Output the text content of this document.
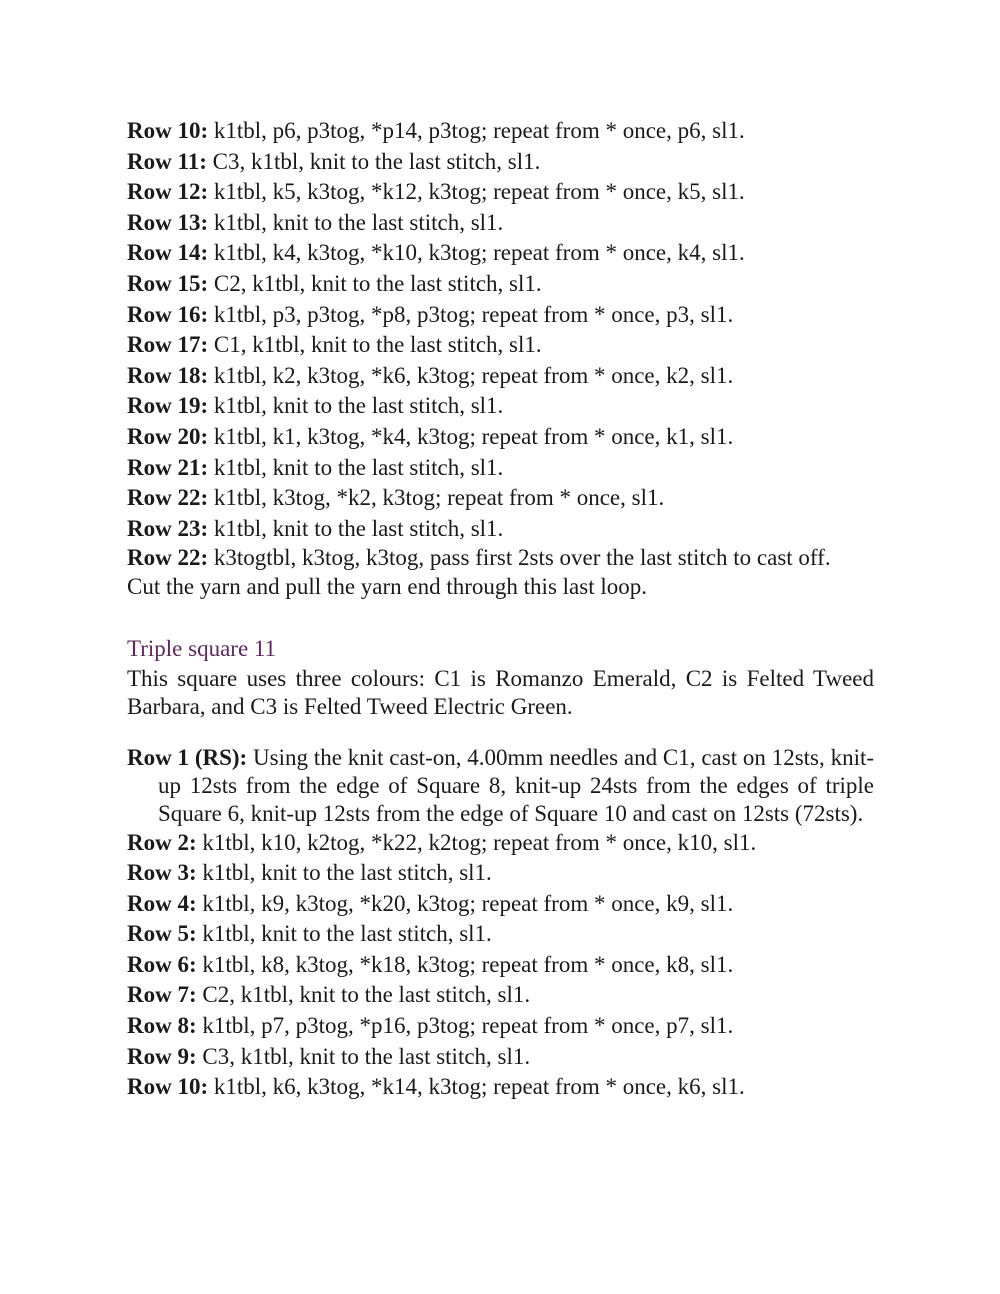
Row 10: k1tbl, p6, p3tog, *p14, p3tog; repeat from * once, p6, sl1.
Row 11: C3, k1tbl, knit to the last stitch, sl1.
Row 12: k1tbl, k5, k3tog, *k12, k3tog; repeat from * once, k5, sl1.
Row 13: k1tbl, knit to the last stitch, sl1.
Row 14: k1tbl, k4, k3tog, *k10, k3tog; repeat from * once, k4, sl1.
Row 15: C2, k1tbl, knit to the last stitch, sl1.
Row 16: k1tbl, p3, p3tog, *p8, p3tog; repeat from * once, p3, sl1.
Row 17: C1, k1tbl, knit to the last stitch, sl1.
Row 18: k1tbl, k2, k3tog, *k6, k3tog; repeat from * once, k2, sl1.
Row 19: k1tbl, knit to the last stitch, sl1.
Row 20: k1tbl, k1, k3tog, *k4, k3tog; repeat from * once, k1, sl1.
Row 21: k1tbl, knit to the last stitch, sl1.
Row 22: k1tbl, k3tog, *k2, k3tog; repeat from * once, sl1.
Row 23: k1tbl, knit to the last stitch, sl1.
Row 22: k3togtbl, k3tog, k3tog, pass first 2sts over the last stitch to cast off.
Cut the yarn and pull the yarn end through this last loop.
Triple square 11
This square uses three colours: C1 is Romanzo Emerald, C2 is Felted Tweed Barbara, and C3 is Felted Tweed Electric Green.
Row 1 (RS): Using the knit cast-on, 4.00mm needles and C1, cast on 12sts, knit-up 12sts from the edge of Square 8, knit-up 24sts from the edges of triple Square 6, knit-up 12sts from the edge of Square 10 and cast on 12sts (72sts).
Row 2: k1tbl, k10, k2tog, *k22, k2tog; repeat from * once, k10, sl1.
Row 3: k1tbl, knit to the last stitch, sl1.
Row 4: k1tbl, k9, k3tog, *k20, k3tog; repeat from * once, k9, sl1.
Row 5: k1tbl, knit to the last stitch, sl1.
Row 6: k1tbl, k8, k3tog, *k18, k3tog; repeat from * once, k8, sl1.
Row 7: C2, k1tbl, knit to the last stitch, sl1.
Row 8: k1tbl, p7, p3tog, *p16, p3tog; repeat from * once, p7, sl1.
Row 9: C3, k1tbl, knit to the last stitch, sl1.
Row 10: k1tbl, k6, k3tog, *k14, k3tog; repeat from * once, k6, sl1.
